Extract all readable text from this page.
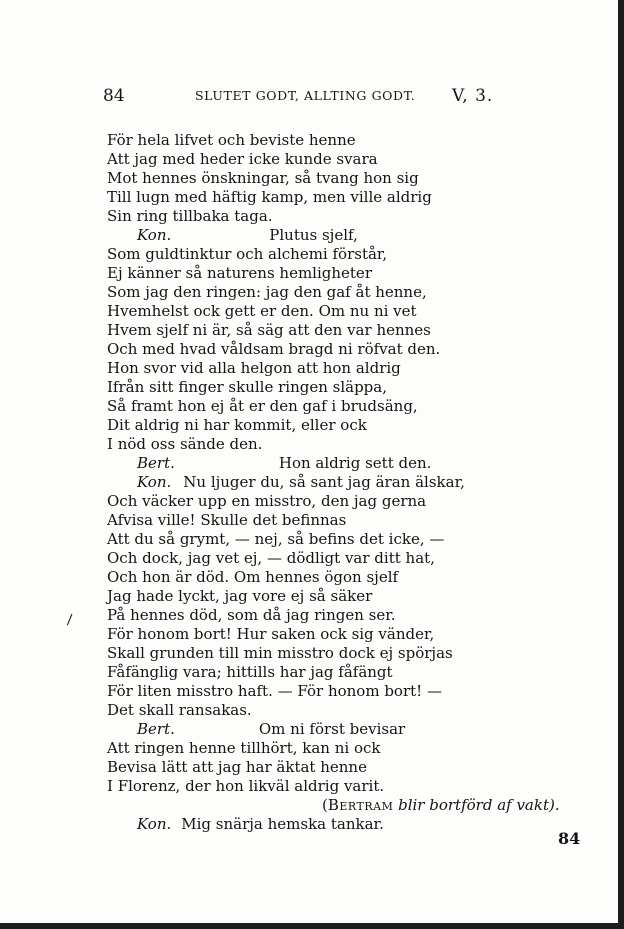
84	SLUTET GODT, ALLTING GODT. V, 3.
För hela lifvet och beviste henne
Att jag med heder icke kunde svara
Mot hennes önskningar, så tvang hon sig
Till lugn med häftig kamp, men ville aldrig
Sin ring tillbaka taga.
Kon.	Plutus sjelf,
Som guldtinktur och alchemi förstår,
Ej känner så naturens hemligheter
Som jag den ringen: jag den gaf åt henne,
Hvemhelst ock gett er den. Om nu ni vet
Hvem sjelf ni är, så säg att den var hennes
Och med hvad våldsam bragd ni röfvat den.
Hon svor vid alla helgon att hon aldrig
Ifrån sitt finger skulle ringen släppa,
Så framt hon ej åt er den gaf i brudsäng,
Dit aldrig ni har kommit, eller ock
I nöd oss sände den.
Bert.	Hon aldrig sett den.
Kon. Nu ljuger du, så sant jag äran älskar,
Och väcker upp en misstro, den jag gerna
Afvisa ville! Skulle det befinnas
Att du så grymt, — nej, så befins det icke, —
Och dock, jag vet ej, — dödligt var ditt hat,
Och hon är död. Om hennes ögon sjelf
Jag hade lyckt, jag vore ej så säker
På hennes död, som då jag ringen ser.
För honom bort! Hur saken ock sig vänder,
Skall grunden till min misstro dock ej spörjas
Fåfänglig vara; hittills har jag fåfängt
För liten misstro haft. — För honom bort! —
Det skall ransakas.
Bert.	Om ni först bevisar
Att ringen henne tillhört, kan ni ock
Bevisa lätt att jag har äktat henne
I Florenz, der hon likväl aldrig varit.
(Bertram blir bortförd af vakt).
Kon. Mig snärja hemska tankar.
\
84
